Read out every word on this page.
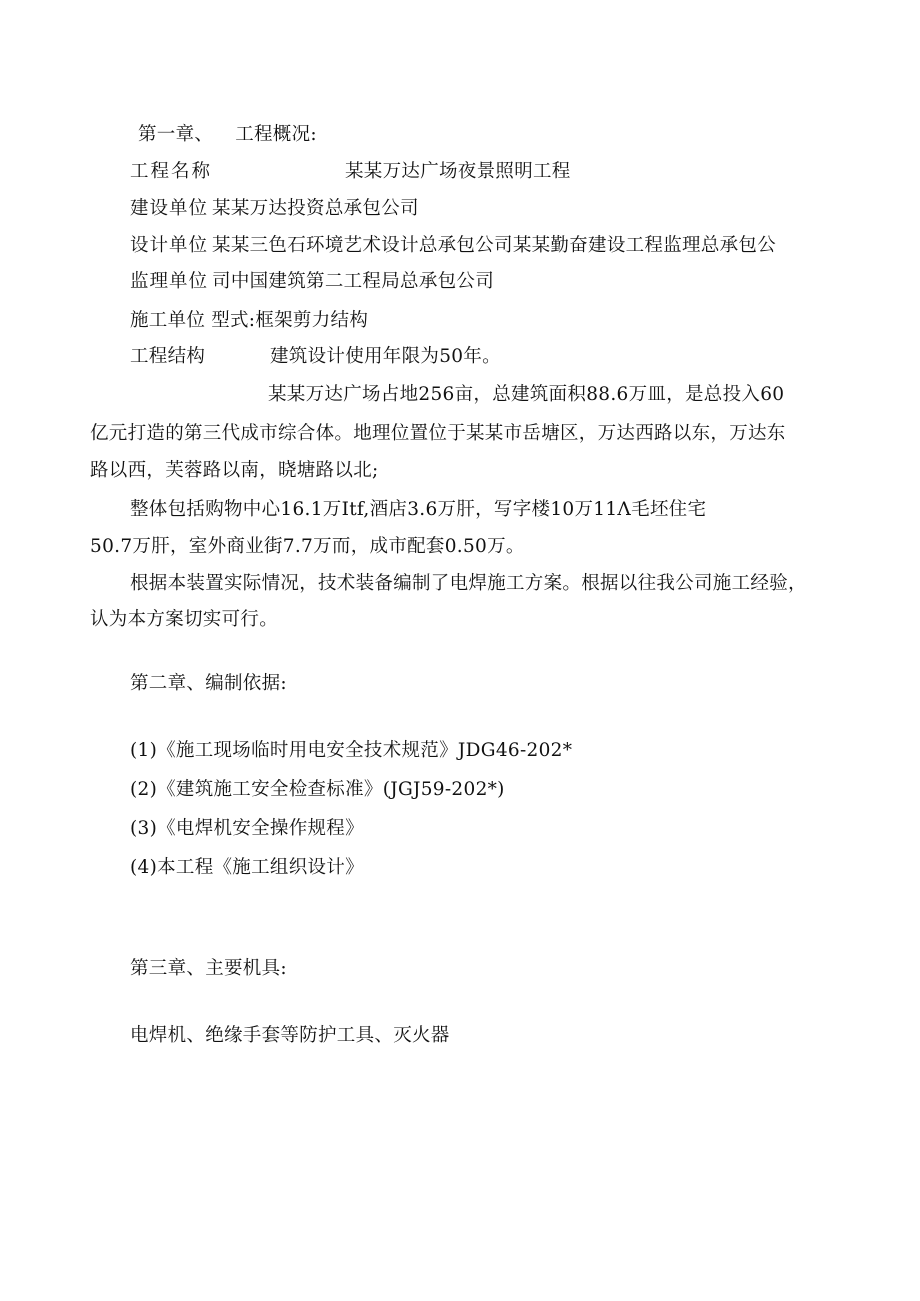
第一章、 工程概况:
工程名称	某某万达广场夜景照明工程
建设单位 某某万达投资总承包公司
设计单位 某某三色石环境艺术设计总承包公司某某勤奋建设工程监理总承包公
监理单位 司中国建筑第二工程局总承包公司
施工单位 型式:框架剪力结构
工程结构	建筑设计使用年限为50年。
某某万达广场占地256亩，总建筑面积88.6万皿，是总投入60
亿元打造的第三代成市综合体。地理位置位于某某市岳塘区，万达西路以东，万达东
路以西，芙蓉路以南，晓塘路以北;
整体包括购物中心16.1万Itf,酒店3.6万肝，写字楼10万11Λ毛坯住宅
50.7万肝，室外商业街7.7万而，成市配套0.50万。
根据本装置实际情况，技术装备编制了电焊施工方案。根据以往我公司施工经验，
认为本方案切实可行。
第二章、编制依据:
(1)《施工现场临时用电安全技术规范》JDG46-202*
(2)《建筑施工安全检查标准》(JGJ59-202*)
(3)《电焊机安全操作规程》
(4)本工程《施工组织设计》
第三章、主要机具:
电焊机、绝缘手套等防护工具、灭火器
